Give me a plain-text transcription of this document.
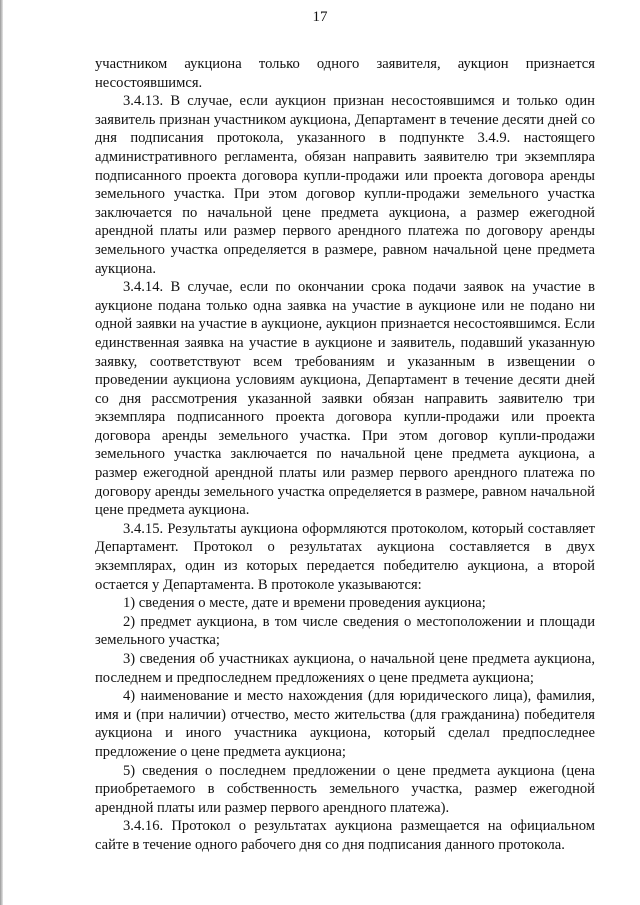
17

участником аукциона только одного заявителя, аукцион признается несостоявшимся.

3.4.13. В случае, если аукцион признан несостоявшимся и только один заявитель признан участником аукциона, Департамент в течение десяти дней со дня подписания протокола, указанного в подпункте 3.4.9. настоящего административного регламента, обязан направить заявителю три экземпляра подписанного проекта договора купли-продажи или проекта договора аренды земельного участка. При этом договор купли-продажи земельного участка заключается по начальной цене предмета аукциона, а размер ежегодной арендной платы или размер первого арендного платежа по договору аренды земельного участка определяется в размере, равном начальной цене предмета аукциона.

3.4.14. В случае, если по окончании срока подачи заявок на участие в аукционе подана только одна заявка на участие в аукционе или не подано ни одной заявки на участие в аукционе, аукцион признается несостоявшимся. Если единственная заявка на участие в аукционе и заявитель, подавший указанную заявку, соответствуют всем требованиям и указанным в извещении о проведении аукциона условиям аукциона, Департамент в течение десяти дней со дня рассмотрения указанной заявки обязан направить заявителю три экземпляра подписанного проекта договора купли-продажи или проекта договора аренды земельного участка. При этом договор купли-продажи земельного участка заключается по начальной цене предмета аукциона, а размер ежегодной арендной платы или размер первого арендного платежа по договору аренды земельного участка определяется в размере, равном начальной цене предмета аукциона.

3.4.15. Результаты аукциона оформляются протоколом, который составляет Департамент. Протокол о результатах аукциона составляется в двух экземплярах, один из которых передается победителю аукциона, а второй остается у Департамента. В протоколе указываются:

1) сведения о месте, дате и времени проведения аукциона;

2) предмет аукциона, в том числе сведения о местоположении и площади земельного участка;

3) сведения об участниках аукциона, о начальной цене предмета аукциона, последнем и предпоследнем предложениях о цене предмета аукциона;

4) наименование и место нахождения (для юридического лица), фамилия, имя и (при наличии) отчество, место жительства (для гражданина) победителя аукциона и иного участника аукциона, который сделал предпоследнее предложение о цене предмета аукциона;

5) сведения о последнем предложении о цене предмета аукциона (цена приобретаемого в собственность земельного участка, размер ежегодной арендной платы или размер первого арендного платежа).

3.4.16. Протокол о результатах аукциона размещается на официальном сайте в течение одного рабочего дня со дня подписания данного протокола.
